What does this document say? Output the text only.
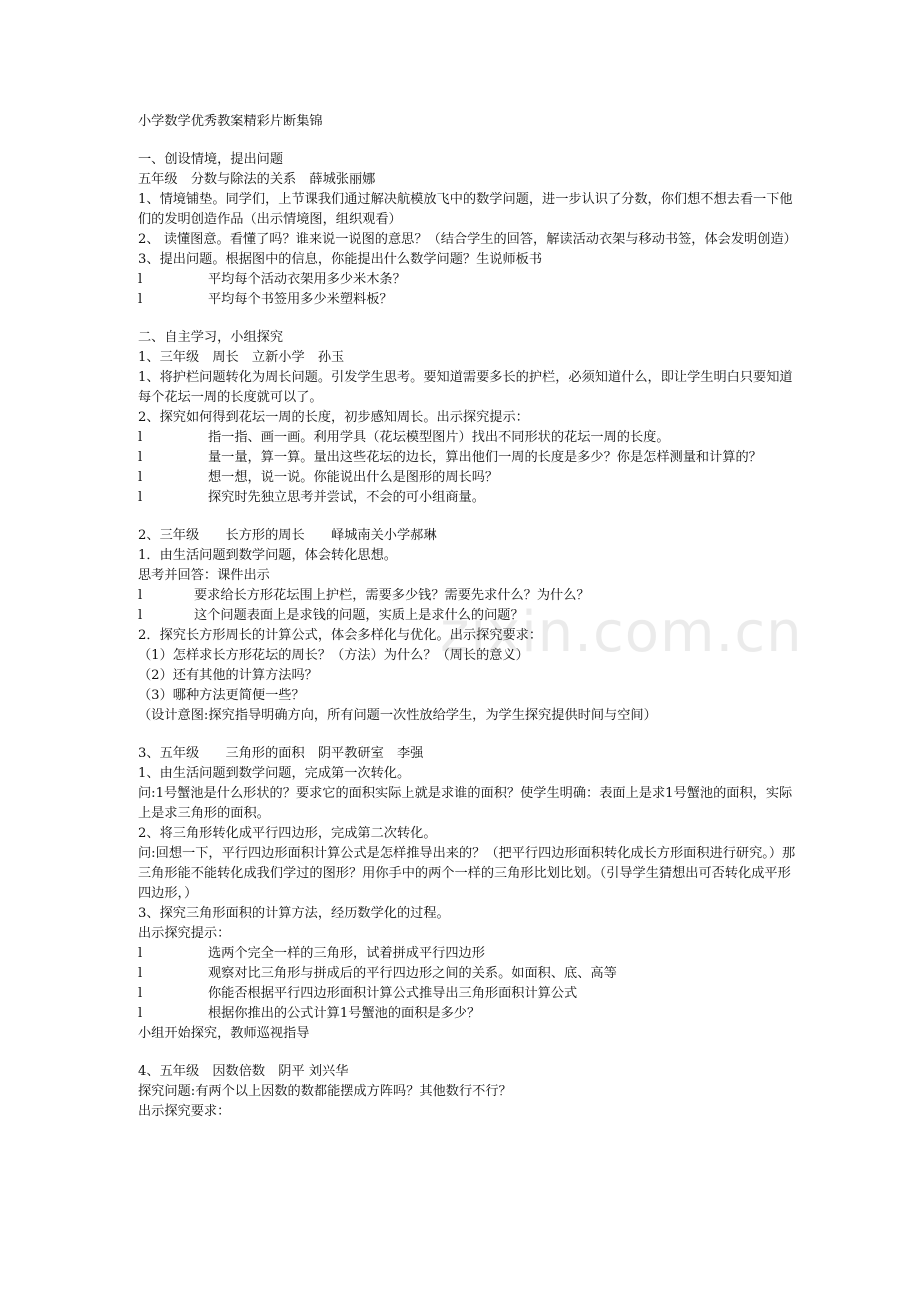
zixin.com.cn
小学数学优秀教案精彩片断集锦
一、创设情境，提出问题
五年级　分数与除法的关系　薛城张丽娜
1、情境铺垫。同学们，上节课我们通过解决航模放飞中的数学问题，进一步认识了分数，你们想不想去看一下他们的发明创造作品（出示情境图，组织观看）
2、 读懂图意。看懂了吗？谁来说一说图的意思？（结合学生的回答，解读活动衣架与移动书签，体会发明创造）
3、提出问题。根据图中的信息，你能提出什么数学问题？生说师板书
l	平均每个活动衣架用多少米木条？
l	平均每个书签用多少米塑料板？
二、自主学习，小组探究
1、三年级　周长　立新小学　孙玉
1、将护栏问题转化为周长问题。引发学生思考。要知道需要多长的护栏，必须知道什么，即让学生明白只要知道每个花坛一周的长度就可以了。
2、探究如何得到花坛一周的长度，初步感知周长。出示探究提示：
l	指一指、画一画。利用学具（花坛模型图片）找出不同形状的花坛一周的长度。
l	量一量，算一算。量出这些花坛的边长，算出他们一周的长度是多少？你是怎样测量和计算的？
l	想一想，说一说。你能说出什么是图形的周长吗？
l	探究时先独立思考并尝试，不会的可小组商量。
2、三年级　　长方形的周长　　峄城南关小学郝琳
1．由生活问题到数学问题，体会转化思想。
思考并回答：课件出示
l	要求给长方形花坛围上护栏，需要多少钱？需要先求什么？为什么？
l	这个问题表面上是求钱的问题，实质上是求什么的问题？
2．探究长方形周长的计算公式，体会多样化与优化。出示探究要求：
（1）怎样求长方形花坛的周长？（方法）为什么？（周长的意义）
（2）还有其他的计算方法吗？
（3）哪种方法更简便一些？
（设计意图:探究指导明确方向，所有问题一次性放给学生，为学生探究提供时间与空间）
3、五年级　　三角形的面积　阴平教研室　李强
1、由生活问题到数学问题，完成第一次转化。
问:1号蟹池是什么形状的？要求它的面积实际上就是求谁的面积？使学生明确：表面上是求1号蟹池的面积，实际上是求三角形的面积。
2、将三角形转化成平行四边形，完成第二次转化。
问:回想一下，平行四边形面积计算公式是怎样推导出来的？（把平行四边形面积转化成长方形面积进行研究。）那三角形能不能转化成我们学过的图形？用你手中的两个一样的三角形比划比划。（引导学生猜想出可否转化成平形四边形，）
3、探究三角形面积的计算方法，经历数学化的过程。
出示探究提示：
l	选两个完全一样的三角形，试着拼成平行四边形
l	观察对比三角形与拼成后的平行四边形之间的关系。如面积、底、高等
l	你能否根据平行四边形面积计算公式推导出三角形面积计算公式
l	根据你推出的公式计算1号蟹池的面积是多少？
小组开始探究，教师巡视指导
4、五年级　因数倍数　阴平 刘兴华
探究问题:有两个以上因数的数都能摆成方阵吗？其他数行不行？
出示探究要求：
